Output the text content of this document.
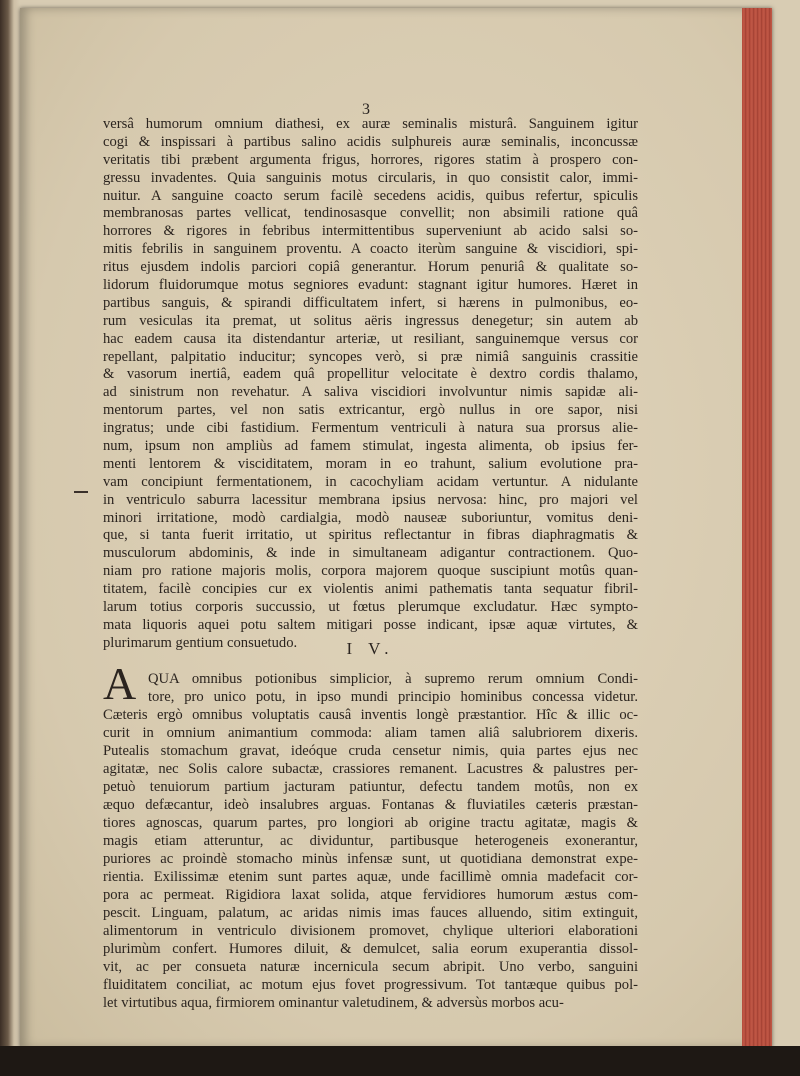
3
versâ humorum omnium diathesi, ex auræ seminalis misturâ. Sanguinem igitur
cogi & inspissari à partibus salino acidis sulphureis auræ seminalis, inconcussæ
veritatis tibi præbent argumenta frigus, horrores, rigores statim à prospero con-
gressu invadentes. Quia sanguinis motus circularis, in quo consistit calor, immi-
nuitur. A sanguine coacto serum facilè secedens acidis, quibus refertur, spiculis
membranosas partes vellicat, tendinosasque convellit; non absimili ratione quâ
horrores & rigores in febribus intermittentibus superveniunt ab acido salsi so-
mitis febrilis in sanguinem proventu. A coacto iterùm sanguine & viscidiori, spi-
ritus ejusdem indolis parciori copiâ generantur. Horum penuriâ & qualitate so-
lidorum fluidorumque motus segniores evadunt: stagnant igitur humores. Hæret in
partibus sanguis, & spirandi difficultatem infert, si hærens in pulmonibus, eo-
rum vesiculas ita premat, ut solitus aëris ingressus denegetur; sin autem ab
hac eadem causa ita distendantur arteriæ, ut resiliant, sanguinemque versus cor
repellant, palpitatio inducitur; syncopes verò, si præ nimiâ sanguinis crassitie
& vasorum inertiâ, eadem quâ propellitur velocitate è dextro cordis thalamo,
ad sinistrum non revehatur. A saliva viscidiori involvuntur nimis sapidæ ali-
mentorum partes, vel non satis extricantur, ergò nullus in ore sapor, nisi
ingratus; unde cibi fastidium. Fermentum ventriculi à natura sua prorsus alie-
num, ipsum non ampliùs ad famem stimulat, ingesta alimenta, ob ipsius fer-
menti lentorem & visciditatem, moram in eo trahunt, salium evolutione pra-
vam concipiunt fermentationem, in cacochyliam acidam vertuntur. A nidulante
in ventriculo saburra lacessitur membrana ipsius nervosa: hinc, pro majori vel
minori irritatione, modò cardialgia, modò nauseæ suboriuntur, vomitus deni-
que, si tanta fuerit irritatio, ut spiritus reflectantur in fibras diaphragmatis &
musculorum abdominis, & inde in simultaneam adigantur contractionem. Quo-
niam pro ratione majoris molis, corpora majorem quoque suscipiunt motûs quan-
titatem, facilè concipies cur ex violentis animi pathematis tanta sequatur fibril-
larum totius corporis succussio, ut fœtus plerumque excludatur. Hæc sympto-
mata liquoris aquei potu saltem mitigari posse indicant, ipsæ aquæ virtutes, &
plurimarum gentium consuetudo.	I V.
A QUA omnibus potionibus simplicior, à supremo rerum omnium Condi-
tore, pro unico potu, in ipso mundi principio hominibus concessa videtur.
Cæteris ergò omnibus voluptatis causâ inventis longè præstantior. Hîc & illic oc-
curit in omnium animantium commoda: aliam tamen aliâ salubriorem dixeris.
Putealis stomachum gravat, ideóque cruda censetur nimis, quia partes ejus nec
agitatæ, nec Solis calore subactæ, crassiores remanent. Lacustres & palustres per-
petuò tenuiorum partium jacturam patiuntur, defectu tandem motûs, non ex
æquo defæcantur, ideò insalubres arguas. Fontanas & fluviatiles cæteris præstan-
tiores agnoscas, quarum partes, pro longiori ab origine tractu agitatæ, magis &
magis etiam atteruntur, ac dividuntur, partibusque heterogeneis exonerantur,
puriores ac proindè stomacho minùs infensæ sunt, ut quotidiana demonstrat expe-
rientia. Exilissimæ etenim sunt partes aquæ, unde facillimè omnia madefacit cor-
pora ac permeat. Rigidiora laxat solida, atque fervidiores humorum æstus com-
pescit. Linguam, palatum, ac aridas nimis imas fauces alluendo, sitim extinguit,
alimentorum in ventriculo divisionem promovet, chylique ulteriori elaborationi
plurimùm confert. Humores diluit, & demulcet, salia eorum exuperantia dissol-
vit, ac per consueta naturæ incernicula secum abripit. Uno verbo, sanguini
fluiditatem conciliat, ac motum ejus fovet progressivum. Tot tantæque quibus pol-
let virtutibus aqua, firmiorem ominantur valetudinem, & adversùs morbos acu-
